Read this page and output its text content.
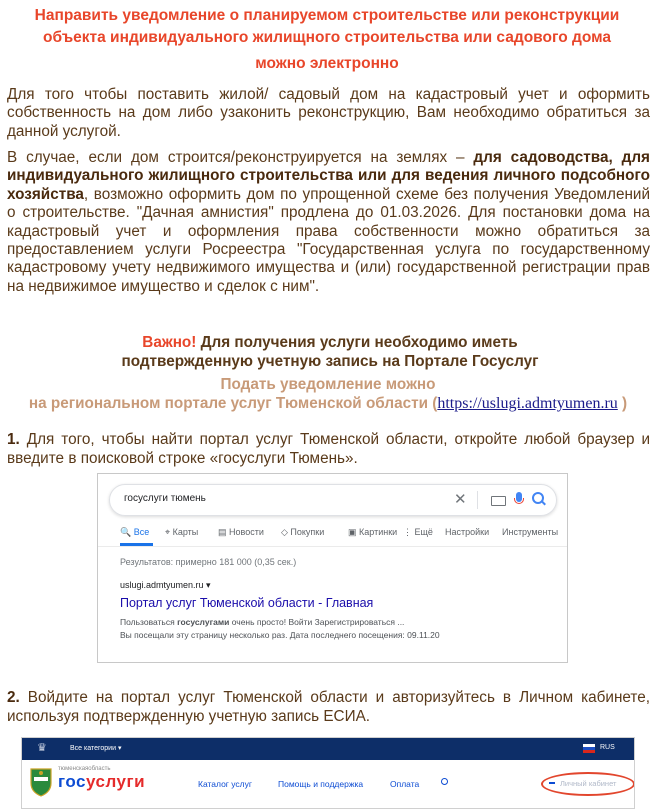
Направить уведомление о планируемом строительстве или реконструкции
объекта индивидуального жилищного строительства или садового дома
можно электронно

Для того чтобы поставить жилой/ садовый дом на кадастровый учет и оформить собственность на дом либо узаконить реконструкцию, Вам необходимо обратиться за данной услугой.

В случае, если дом строится/реконструируется на землях – для садоводства, для индивидуального жилищного строительства или для ведения личного подсобного хозяйства, возможно оформить дом по упрощенной схеме без получения Уведомлений о строительстве. "Дачная амнистия" продлена до 01.03.2026. Для постановки дома на кадастровый учет и оформления права собственности можно обратиться за предоставлением услуги Росреестра "Государственная услуга по государственному кадастровому учету недвижимого имущества и (или) государственной регистрации прав на недвижимое имущество и сделок с ним".

Важно! Для получения услуги необходимо иметь
подтвержденную учетную запись на Портале Госуслуг
Подать уведомление можно
на региональном портале услуг Тюменской области (https://uslugi.admtyumen.ru )

1. Для того, чтобы найти портал услуг Тюменской области, откройте любой браузер и введите в поисковой строке «госуслуги Тюмень».

госуслуги тюмень	✕
🔍 Все ⌖ Карты ▤ Новости ◇ Покупки	▣ Картинки ⋮ Ещё Настройки Инструменты
Результатов: примерно 181 000 (0,35 сек.)
uslugi.admtyumen.ru ▾
Портал услуг Тюменской области - Главная
Пользоваться госуслугами очень просто! Войти Зарегистрироваться ...
Вы посещали эту страницу несколько раз. Дата последнего посещения: 09.11.20

2. Войдите на портал услуг Тюменской области и авторизуйтесь в Личном кабинете, используя подтвержденную учетную запись ЕСИА.

♛	Все категории ▾	RUS
тюменскаяобласть
госуслуги	Каталог услуг	Помощь и поддержка	Оплата	Личный кабинет
